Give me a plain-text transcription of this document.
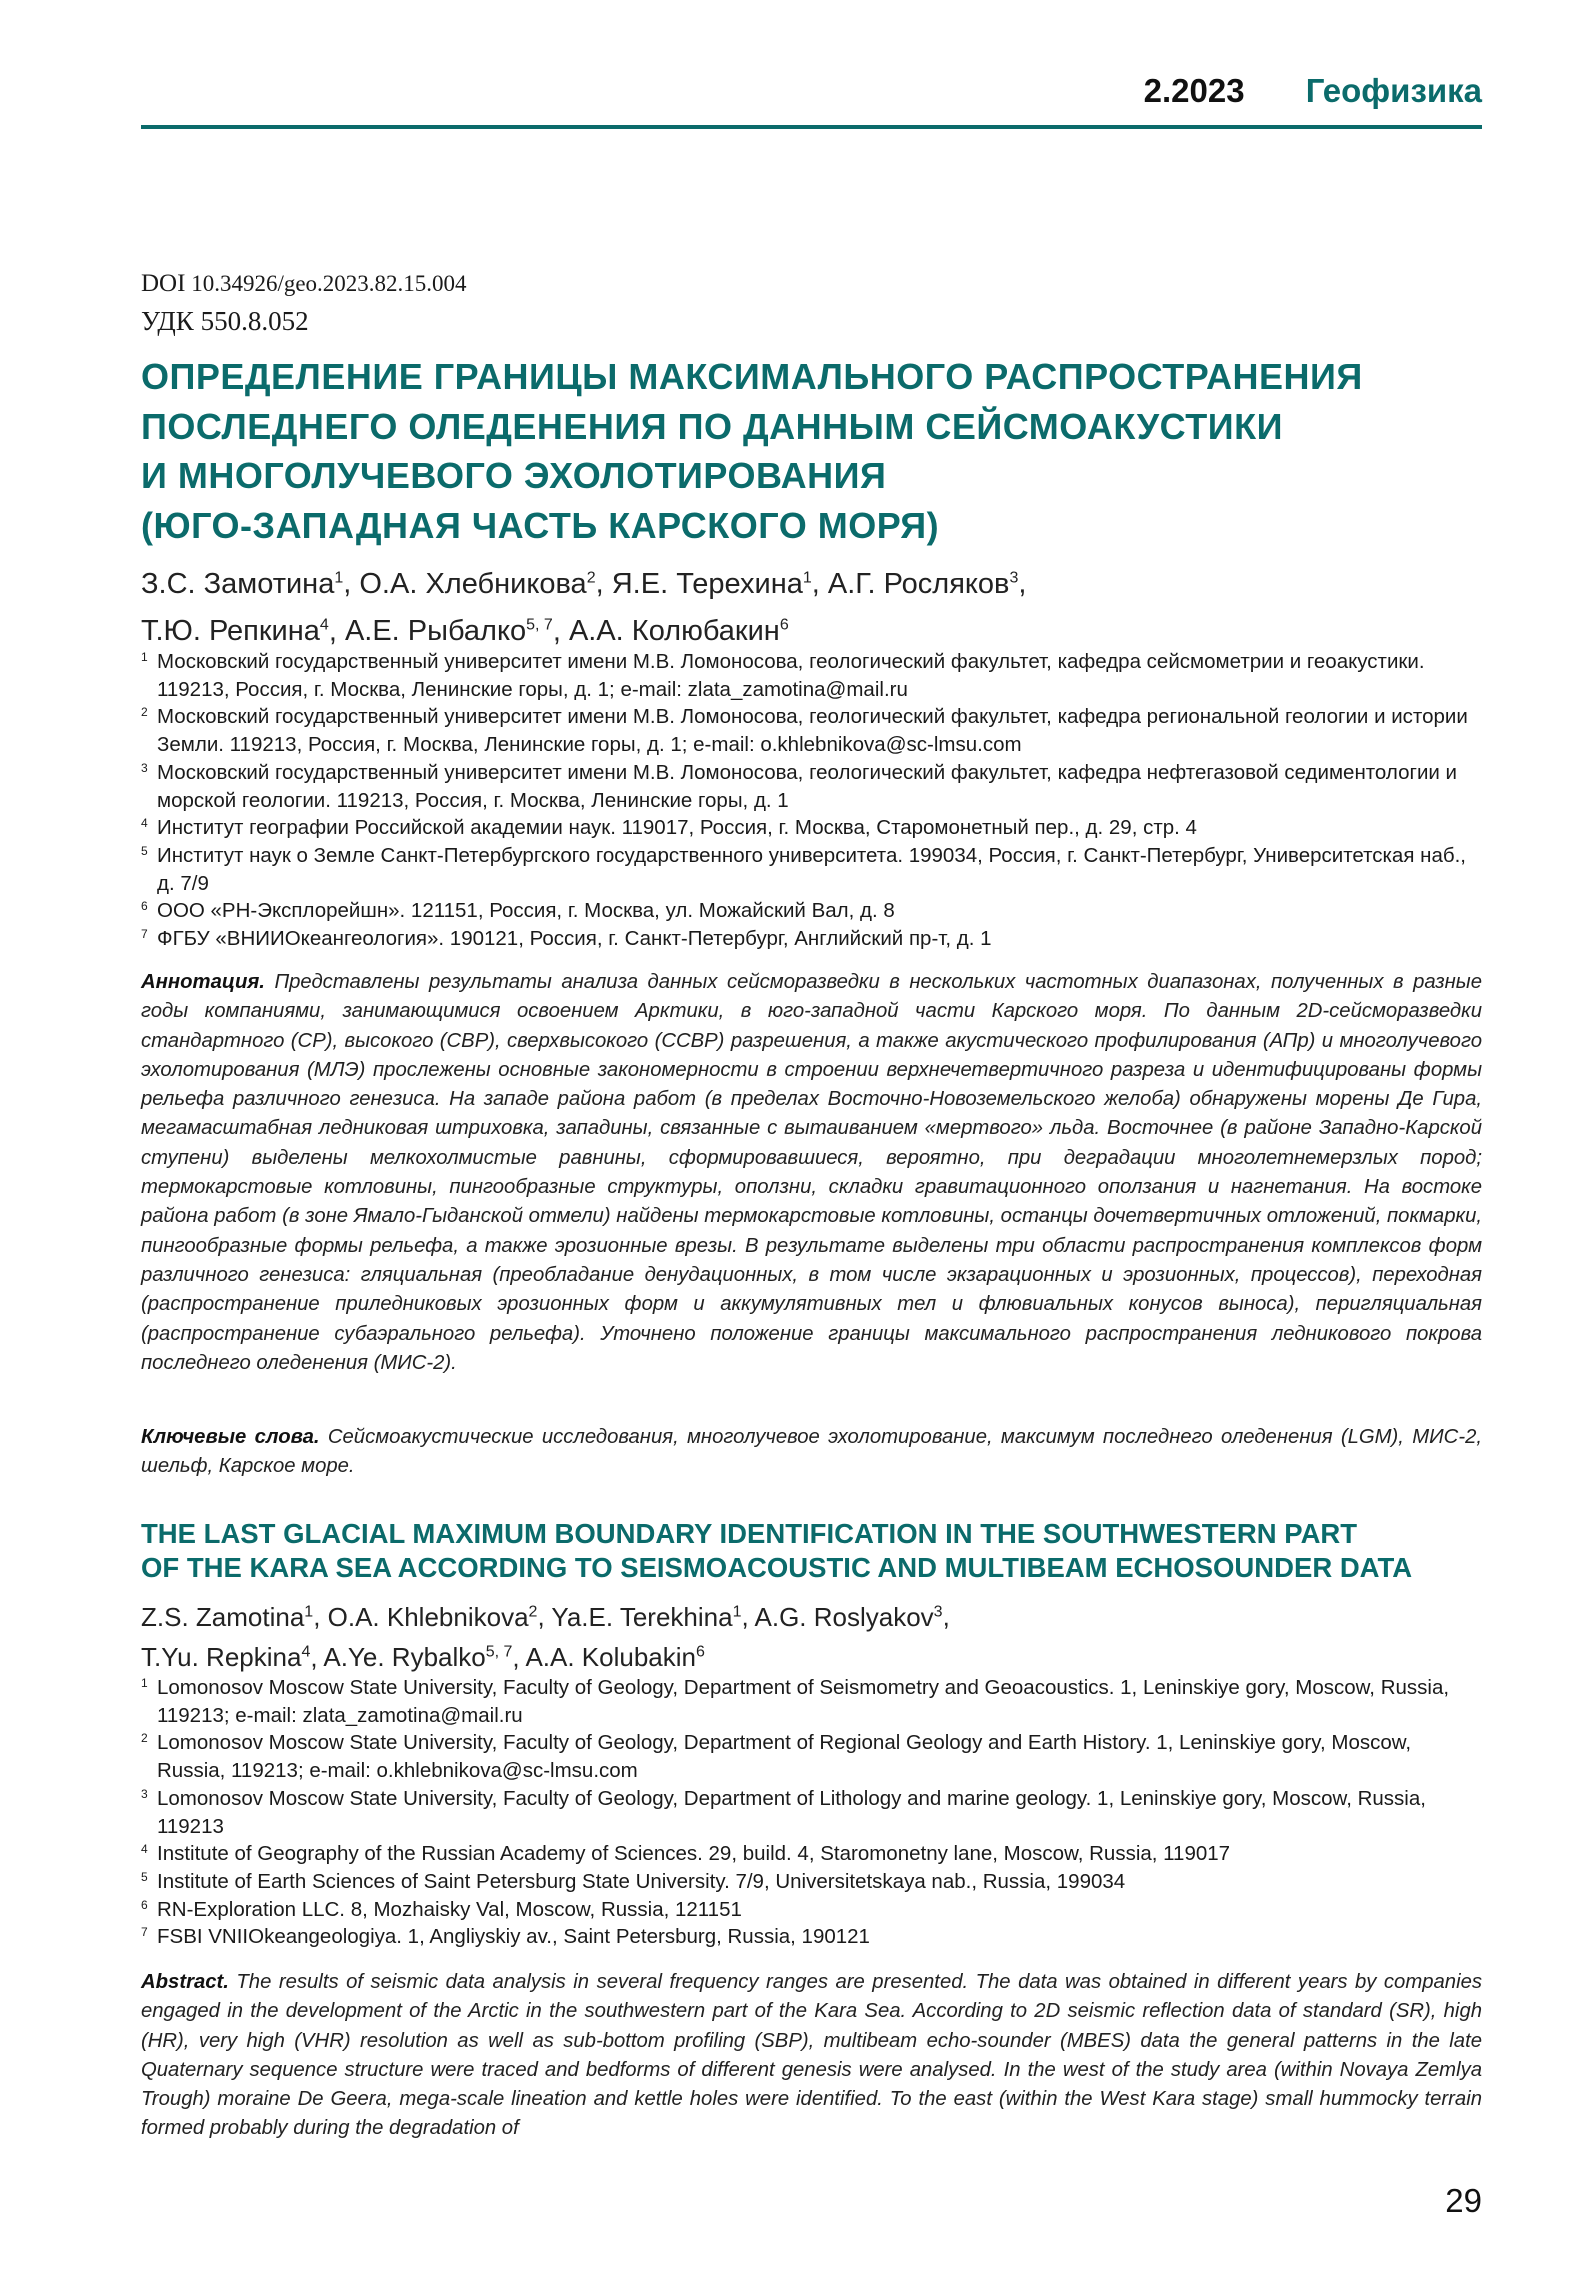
2.2023 Геофизика
DOI 10.34926/geo.2023.82.15.004
УДК 550.8.052
ОПРЕДЕЛЕНИЕ ГРАНИЦЫ МАКСИМАЛЬНОГО РАСПРОСТРАНЕНИЯ
ПОСЛЕДНЕГО ОЛЕДЕНЕНИЯ ПО ДАННЫМ СЕЙСМОАКУСТИКИ
И МНОГОЛУЧЕВОГО ЭХОЛОТИРОВАНИЯ
(ЮГО-ЗАПАДНАЯ ЧАСТЬ КАРСКОГО МОРЯ)
З.С. Замотина$^1$, О.А. Хлебникова$^2$, Я.Е. Терехина$^1$, А.Г. Росляков$^3$,
Т.Ю. Репкина$^4$, А.Е. Рыбалко$^{5, 7}$, А.А. Колюбакин$^6$
1 Московский государственный университет имени М.В. Ломоносова, геологический факультет, кафедра сейсмометрии и геоакустики. 119213, Россия, г. Москва, Ленинские горы, д. 1; e-mail: zlata_zamotina@mail.ru
2 Московский государственный университет имени М.В. Ломоносова, геологический факультет, кафедра региональной геологии и истории Земли. 119213, Россия, г. Москва, Ленинские горы, д. 1; e-mail: o.khlebnikova@sc-lmsu.com
3 Московский государственный университет имени М.В. Ломоносова, геологический факультет, кафедра нефтегазовой седиментологии и морской геологии. 119213, Россия, г. Москва, Ленинские горы, д. 1
4 Институт географии Российской академии наук. 119017, Россия, г. Москва, Старомонетный пер., д. 29, стр. 4
5 Институт наук о Земле Санкт-Петербургского государственного университета. 199034, Россия, г. Санкт-Петербург, Университетская наб., д. 7/9
6 ООО «РН-Эксплорейшн». 121151, Россия, г. Москва, ул. Можайский Вал, д. 8
7 ФГБУ «ВНИИОкеангеология». 190121, Россия, г. Санкт-Петербург, Английский пр-т, д. 1
Аннотация. Представлены результаты анализа данных сейсморазведки в нескольких частотных диапазонах, полученных в разные годы компаниями, занимающимися освоением Арктики, в юго-западной части Карского моря. По данным 2D-сейсморазведки стандартного (СР), высокого (СВР), сверхвысокого (ССВР) разрешения, а также акустического профилирования (АПр) и многолучевого эхолотирования (МЛЭ) прослежены основные закономерности в строении верхнечетвертичного разреза и идентифицированы формы рельефа различного генезиса. На западе района работ (в пределах Восточно-Новоземельского желоба) обнаружены морены Де Гира, мегамасштабная ледниковая штриховка, западины, связанные с вытаиванием «мертвого» льда. Восточнее (в районе Западно-Карской ступени) выделены мелкохолмистые равнины, сформировавшиеся, вероятно, при деградации многолетнемерзлых пород; термокарстовые котловины, пингообразные структуры, оползни, складки гравитационного оползания и нагнетания. На востоке района работ (в зоне Ямало-Гыданской отмели) найдены термокарстовые котловины, останцы дочетвертичных отложений, покмарки, пингообразные формы рельефа, а также эрозионные врезы. В результате выделены три области распространения комплексов форм различного генезиса: гляциальная (преобладание денудационных, в том числе экзарационных и эрозионных, процессов), переходная (распространение приледниковых эрозионных форм и аккумулятивных тел и флювиальных конусов выноса), перигляциальная (распространение субаэрального рельефа). Уточнено положение границы максимального распространения ледникового покрова последнего оледенения (МИС-2).
Ключевые слова. Сейсмоакустические исследования, многолучевое эхолотирование, максимум последнего оледенения (LGM), МИС-2, шельф, Карское море.
THE LAST GLACIAL MAXIMUM BOUNDARY IDENTIFICATION IN THE SOUTHWESTERN PART
OF THE KARA SEA ACCORDING TO SEISMOACOUSTIC AND MULTIBEAM ECHOSOUNDER DATA
Z.S. Zamotina$^1$, O.A. Khlebnikova$^2$, Ya.E. Terekhina$^1$, A.G. Roslyakov$^3$,
T.Yu. Repkina$^4$, A.Ye. Rybalko$^{5, 7}$, A.A. Kolubakin$^6$
1 Lomonosov Moscow State University, Faculty of Geology, Department of Seismometry and Geoacoustics. 1, Leninskiye gory, Moscow, Russia, 119213; e-mail: zlata_zamotina@mail.ru
2 Lomonosov Moscow State University, Faculty of Geology, Department of Regional Geology and Earth History. 1, Leninskiye gory, Moscow, Russia, 119213; e-mail: o.khlebnikova@sc-lmsu.com
3 Lomonosov Moscow State University, Faculty of Geology, Department of Lithology and marine geology. 1, Leninskiye gory, Moscow, Russia, 119213
4 Institute of Geography of the Russian Academy of Sciences. 29, build. 4, Staromonetny lane, Moscow, Russia, 119017
5 Institute of Earth Sciences of Saint Petersburg State University. 7/9, Universitetskaya nab., Russia, 199034
6 RN-Exploration LLC. 8, Mozhaisky Val, Moscow, Russia, 121151
7 FSBI VNIIOkeangeologiya. 1, Angliyskiy av., Saint Petersburg, Russia, 190121
Abstract. The results of seismic data analysis in several frequency ranges are presented. The data was obtained in different years by companies engaged in the development of the Arctic in the southwestern part of the Kara Sea. According to 2D seismic reflection data of standard (SR), high (HR), very high (VHR) resolution as well as sub-bottom profiling (SBP), multibeam echo-sounder (MBES) data the general patterns in the late Quaternary sequence structure were traced and bedforms of different genesis were analysed. In the west of the study area (within Novaya Zemlya Trough) moraine De Geera, mega-scale lineation and kettle holes were identified. To the east (within the West Kara stage) small hummocky terrain formed probably during the degradation of
29
